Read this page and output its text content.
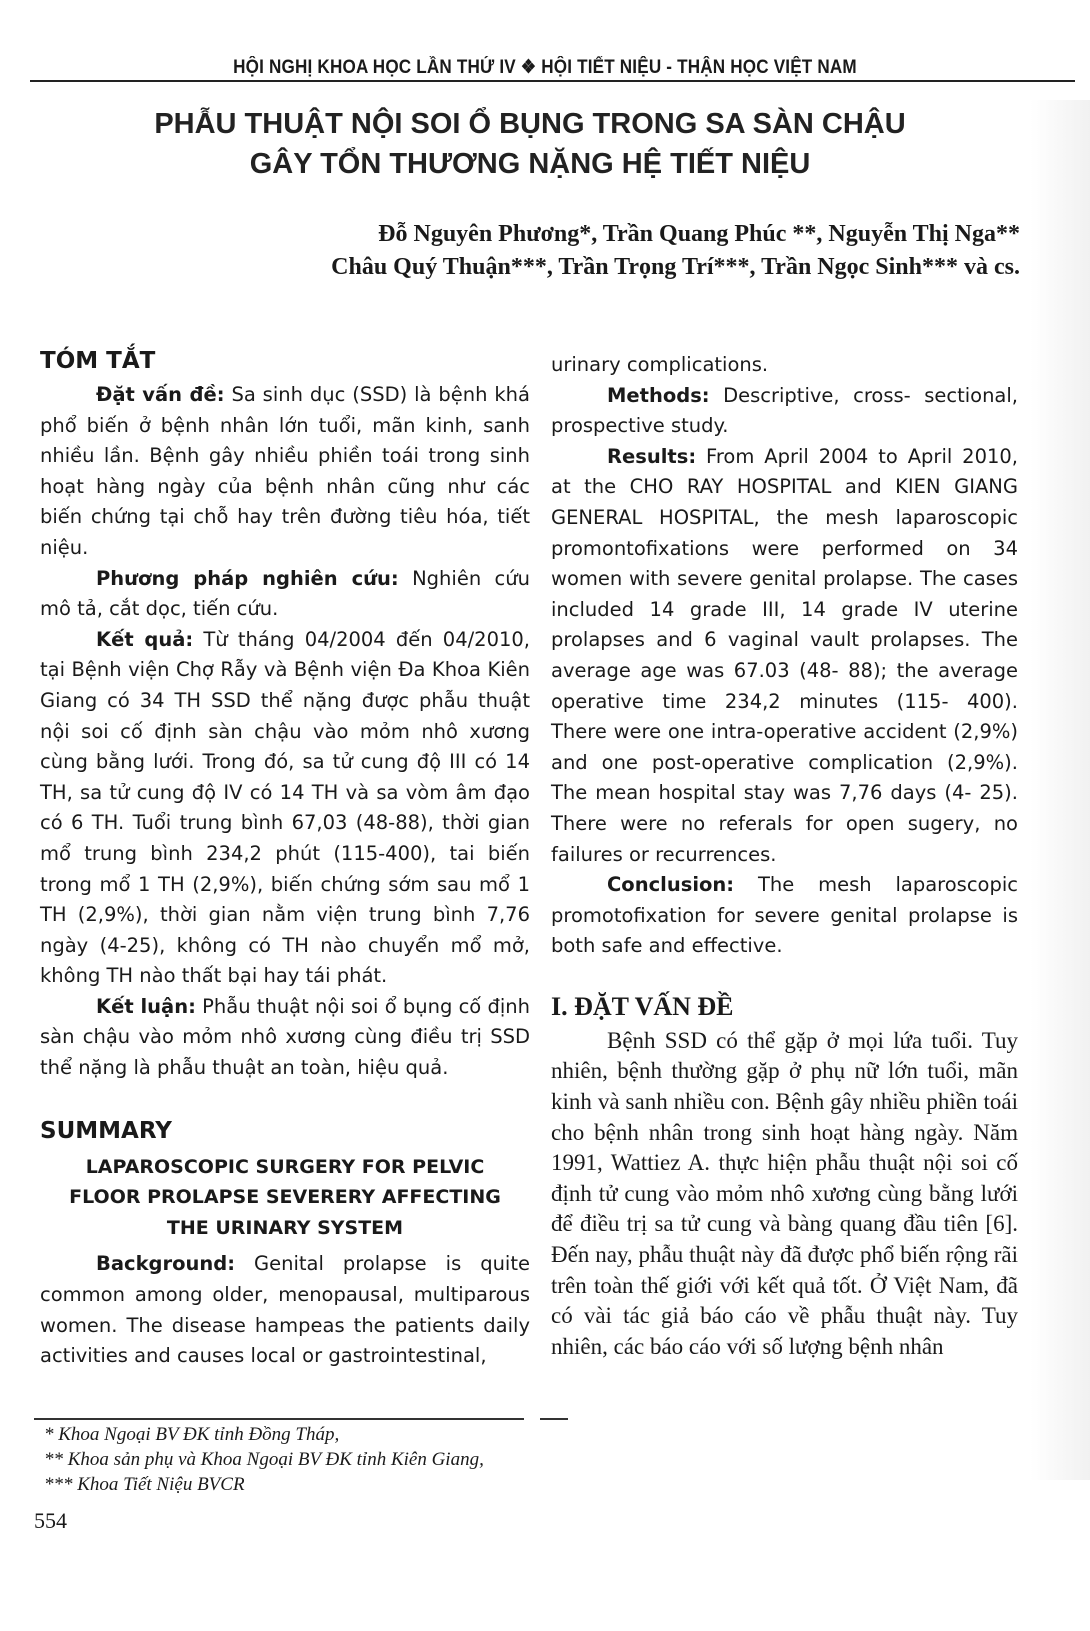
HỘI NGHỊ KHOA HỌC LẦN THỨ IV ❖ HỘI TIẾT NIỆU - THẬN HỌC VIỆT NAM
PHẪU THUẬT NỘI SOI Ổ BỤNG TRONG SA SÀN CHẬU
GÂY TỔN THƯƠNG NẶNG HỆ TIẾT NIỆU
Đỗ Nguyên Phương*, Trần Quang Phúc **, Nguyễn Thị Nga**
Châu Quý Thuận***, Trần Trọng Trí***, Trần Ngọc Sinh*** và cs.
TÓM TẮT

Đặt vấn đề: Sa sinh dục (SSD) là bệnh khá phổ biến ở bệnh nhân lớn tuổi, mãn kinh, sanh nhiều lần. Bệnh gây nhiều phiền toái trong sinh hoạt hàng ngày của bệnh nhân cũng như các biến chứng tại chỗ hay trên đường tiêu hóa, tiết niệu.

Phương pháp nghiên cứu: Nghiên cứu mô tả, cắt dọc, tiến cứu.

Kết quả: Từ tháng 04/2004 đến 04/2010, tại Bệnh viện Chợ Rẫy và Bệnh viện Đa Khoa Kiên Giang có 34 TH SSD thể nặng được phẫu thuật nội soi cố định sàn chậu vào mỏm nhô xương cùng bằng lưới. Trong đó, sa tử cung độ III có 14 TH, sa tử cung độ IV có 14 TH và sa vòm âm đạo có 6 TH. Tuổi trung bình 67,03 (48-88), thời gian mổ trung bình 234,2 phút (115-400), tai biến trong mổ 1 TH (2,9%), biến chứng sớm sau mổ 1 TH (2,9%), thời gian nằm viện trung bình 7,76 ngày (4-25), không có TH nào chuyển mổ mở, không TH nào thất bại hay tái phát.

Kết luận: Phẫu thuật nội soi ổ bụng cố định sàn chậu vào mỏm nhô xương cùng điều trị SSD thể nặng là phẫu thuật an toàn, hiệu quả.

SUMMARY
LAPAROSCOPIC SURGERY FOR PELVIC
FLOOR PROLAPSE SEVERERY AFFECTING
THE URINARY SYSTEM

Background: Genital prolapse is quite common among older, menopausal, multiparous women. The disease hampeas the patients daily activities and causes local or gastrointestinal,

urinary complications.

Methods: Descriptive, cross- sectional, prospective study.

Results: From April 2004 to April 2010, at the CHO RAY HOSPITAL and KIEN GIANG GENERAL HOSPITAL, the mesh laparoscopic promontofixations were performed on 34 women with severe genital prolapse. The cases included 14 grade III, 14 grade IV uterine prolapses and 6 vaginal vault prolapses. The average age was 67.03 (48- 88); the average operative time 234,2 minutes (115- 400). There were one intra-operative accident (2,9%) and one post-operative complication (2,9%). The mean hospital stay was 7,76 days (4- 25). There were no referals for open sugery, no failures or recurrences.

Conclusion: The mesh laparoscopic promotofixation for severe genital prolapse is both safe and effective.

I. ĐẶT VẤN ĐỀ

Bệnh SSD có thể gặp ở mọi lứa tuổi. Tuy nhiên, bệnh thường gặp ở phụ nữ lớn tuổi, mãn kinh và sanh nhiều con. Bệnh gây nhiều phiền toái cho bệnh nhân trong sinh hoạt hàng ngày. Năm 1991, Wattiez A. thực hiện phẫu thuật nội soi cố định tử cung vào mỏm nhô xương cùng bằng lưới để điều trị sa tử cung và bàng quang đầu tiên [6]. Đến nay, phẫu thuật này đã được phổ biến rộng rãi trên toàn thế giới với kết quả tốt. Ở Việt Nam, đã có vài tác giả báo cáo về phẫu thuật này. Tuy nhiên, các báo cáo với số lượng bệnh nhân

* Khoa Ngoại BV ĐK tỉnh Đồng Tháp,
** Khoa sản phụ và Khoa Ngoại BV ĐK tỉnh Kiên Giang,
*** Khoa Tiết Niệu BVCR
554
